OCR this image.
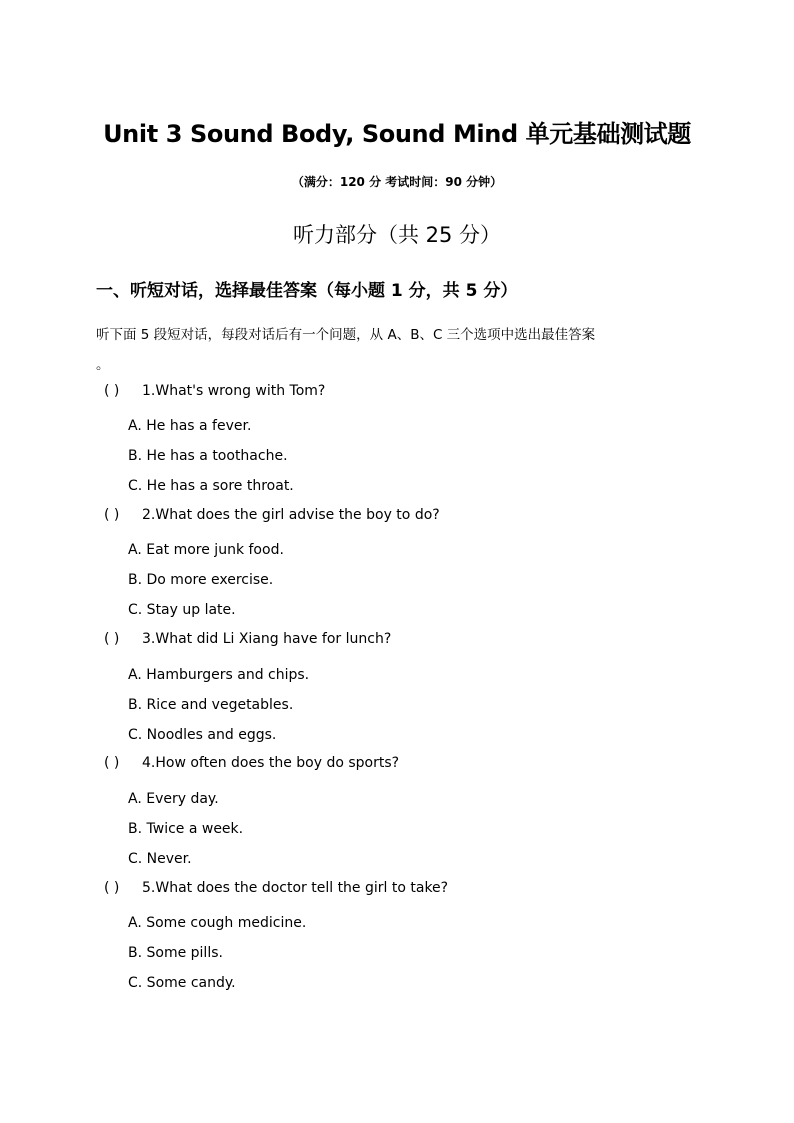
Unit 3 Sound Body, Sound Mind 单元基础测试题
（满分：120 分 考试时间：90 分钟）
听力部分（共 25 分）
一、听短对话，选择最佳答案（每小题 1 分，共 5 分）
听下面 5 段短对话，每段对话后有一个问题，从 A、B、C 三个选项中选出最佳答案
。
( ) 1.What's wrong with Tom?
A. He has a fever.
B. He has a toothache.
C. He has a sore throat.
( ) 2.What does the girl advise the boy to do?
A. Eat more junk food.
B. Do more exercise.
C. Stay up late.
( ) 3.What did Li Xiang have for lunch?
A. Hamburgers and chips.
B. Rice and vegetables.
C. Noodles and eggs.
( ) 4.How often does the boy do sports?
A. Every day.
B. Twice a week.
C. Never.
( ) 5.What does the doctor tell the girl to take?
A. Some cough medicine.
B. Some pills.
C. Some candy.
